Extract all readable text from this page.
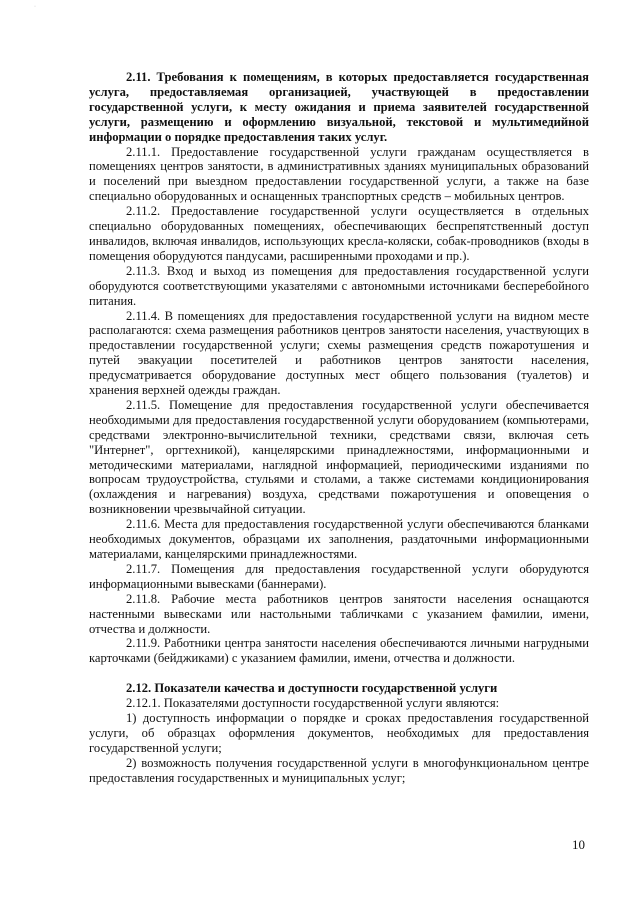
·

2.11. Требования к помещениям, в которых предоставляется государственная услуга, предоставляемая организацией, участвующей в предоставлении государственной услуги, к месту ожидания и приема заявителей государственной услуги, размещению и оформлению визуальной, текстовой и мультимедийной информации о порядке предоставления таких услуг.

2.11.1. Предоставление государственной услуги гражданам осуществляется в помещениях центров занятости, в административных зданиях муниципальных образований и поселений при выездном предоставлении государственной услуги, а также на базе специально оборудованных и оснащенных транспортных средств – мобильных центров.

2.11.2. Предоставление государственной услуги осуществляется в отдельных специально оборудованных помещениях, обеспечивающих беспрепятственный доступ инвалидов, включая инвалидов, использующих кресла-коляски, собак-проводников (входы в помещения оборудуются пандусами, расширенными проходами и пр.).

2.11.3. Вход и выход из помещения для предоставления государственной услуги оборудуются соответствующими указателями с автономными источниками бесперебойного питания.

2.11.4. В помещениях для предоставления государственной услуги на видном месте располагаются: схема размещения работников центров занятости населения, участвующих в предоставлении государственной услуги; схемы размещения средств пожаротушения и путей эвакуации посетителей и работников центров занятости населения, предусматривается оборудование доступных мест общего пользования (туалетов) и хранения верхней одежды граждан.

2.11.5. Помещение для предоставления государственной услуги обеспечивается необходимыми для предоставления государственной услуги оборудованием (компьютерами, средствами электронно-вычислительной техники, средствами связи, включая сеть "Интернет", оргтехникой), канцелярскими принадлежностями, информационными и методическими материалами, наглядной информацией, периодическими изданиями по вопросам трудоустройства, стульями и столами, а также системами кондиционирования (охлаждения и нагревания) воздуха, средствами пожаротушения и оповещения о возникновении чрезвычайной ситуации.

2.11.6. Места для предоставления государственной услуги обеспечиваются бланками необходимых документов, образцами их заполнения, раздаточными информационными материалами, канцелярскими принадлежностями.

2.11.7. Помещения для предоставления государственной услуги оборудуются информационными вывесками (баннерами).

2.11.8. Рабочие места работников центров занятости населения оснащаются настенными вывесками или настольными табличками с указанием фамилии, имени, отчества и должности.

2.11.9. Работники центра занятости населения обеспечиваются личными нагрудными карточками (бейджиками) с указанием фамилии, имени, отчества и должности.

2.12. Показатели качества и доступности государственной услуги

2.12.1. Показателями доступности государственной услуги являются:

1) доступность информации о порядке и сроках предоставления государственной услуги, об образцах оформления документов, необходимых для предоставления государственной услуги;

2) возможность получения государственной услуги в многофункциональном центре предоставления государственных и муниципальных услуг;

10
